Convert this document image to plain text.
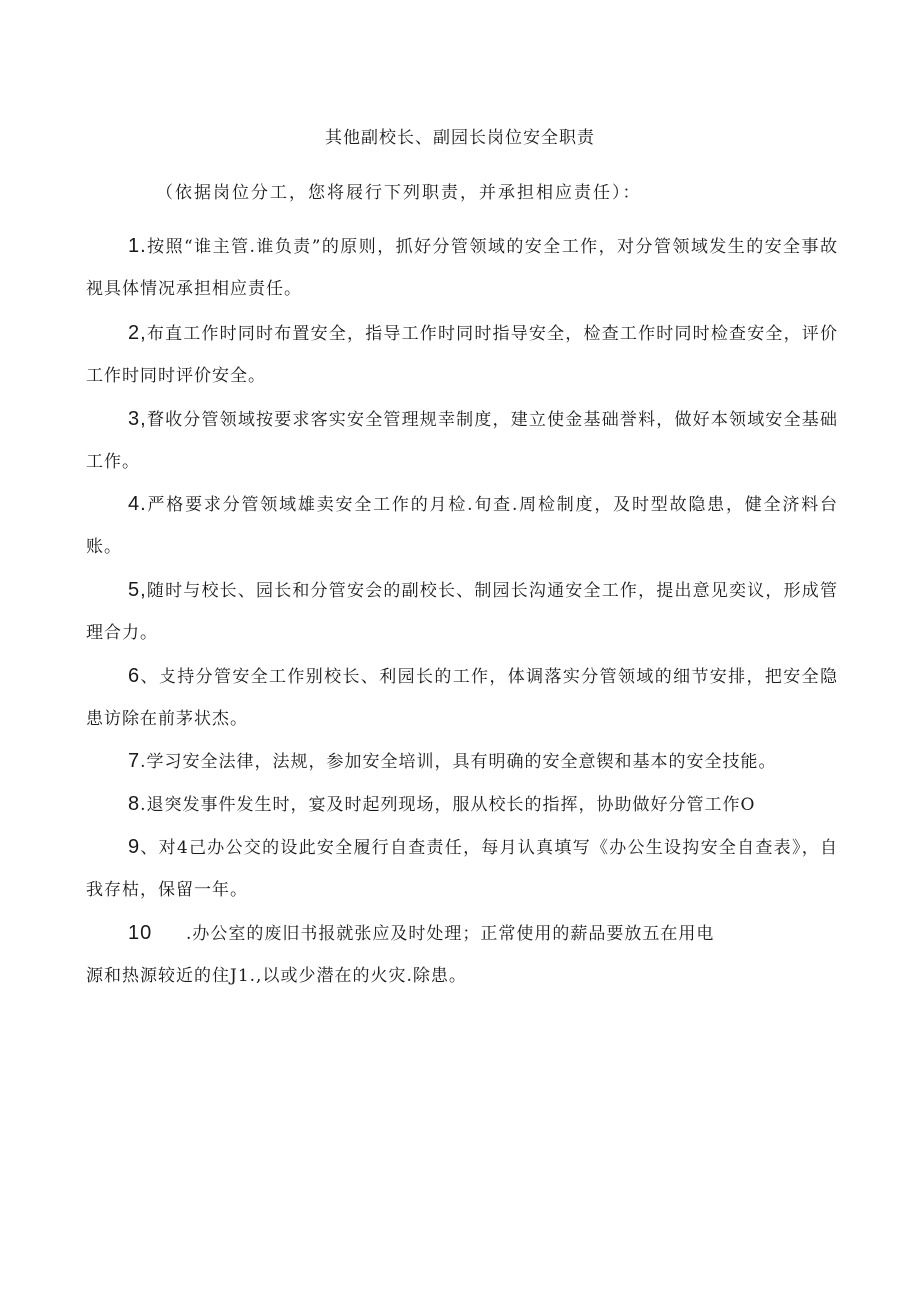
其他副校长、副园长岗位安全职责
（依据岗位分工，您将屐行下列职责，并承担相应责任）：
1.按照“谁主管.谁负责”的原则，抓好分管领域的安全工作，对分管领域发生的安全事故视具体情况承担相应责任。
2,布直工作时同时布置安全，指导工作时同时指导安全，检查工作时同时检查安全，评价工作时同时评价安全。
3,瞀收分管领域按要求客实安全管理规幸制度，建立使金基础誉料，做好本领域安全基础工作。
4.严格要求分管领域雄卖安全工作的月检.旬查.周检制度，及时型故隐患，健全济料台账。
5,随时与校长、园长和分管安会的副校长、制园长沟通安全工作，提出意见奕议，形成管理合力。
6、攴持分管安全工作别校长、利园长的工作，体调落实分管领域的细节安排，把安全隐患访除在前茅状杰。
7.学习安全法律，法规，参加安全培训，具有明确的安全意锲和基本的安全技能。
8.退突发事件发生时，宴及时起列现场，服从校长的指挥，协助做好分管工作O
9、对4己办公交的设此安全履行自查责任，每月认真填写《办公生设抅安全自查表》，自我存枯，保留一年。
10 .办公室的废旧书报就张应及时处理；正常使用的薪品要放五在用电
源和热源较近的住J1.,以或少潜在的火灾.除患。
